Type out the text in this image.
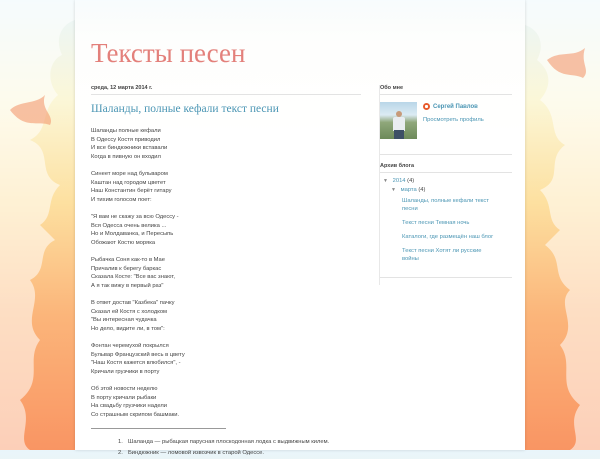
Тексты песен
среда, 12 марта 2014 г.
Шаланды, полные кефали текст песни
Шаланды полные кефали
В Одессу Костя приводил
И все биндюжники вставали
Когда в пивную он входил
Синеет море над бульваром
Каштан над городом цветет
Наш Константин берёт гитару
И тихим голосом поет:
"Я вам не скажу за всю Одессу -
Вся Одесса очень велика ...
Но и Молдаванка, и Пересыпь
Обожают Костю моряка
Рыбачка Соня как-то в Мае
Причалив к берегу баркас
Сказала Косте: "Все вас знают,
А я так вижу в первый раз"
В ответ достав "Казбека" пачку
Сказал ей Костя с холодком
"Вы интересная чудачка
Но дело, видите ли, в том":
Фонтан черемухой покрылся
Бульвар Французский весь в цвету
"Наш Костя кажется влюбился", -
Кричали грузчики в порту
Об этой новости неделю
В порту кричали рыбаки
На свадьбу грузчики надели
Со страшным скрипом башмаки.
1. Шаланда — рыбацкая парусная плоскодонная лодка с выдвижным килем.
2. Биндюжник — ломовой извозчик в старой Одессе.
Обо мне
Сергей Павлов
Просмотреть профиль
Архив блога
▼ 2014 (4)
▼ марта (4)
Шаланды, полные кефали текст песни
Текст песни Темная ночь
Каталоги, где размещён наш блог
Текст песни Хотят ли русские войны
